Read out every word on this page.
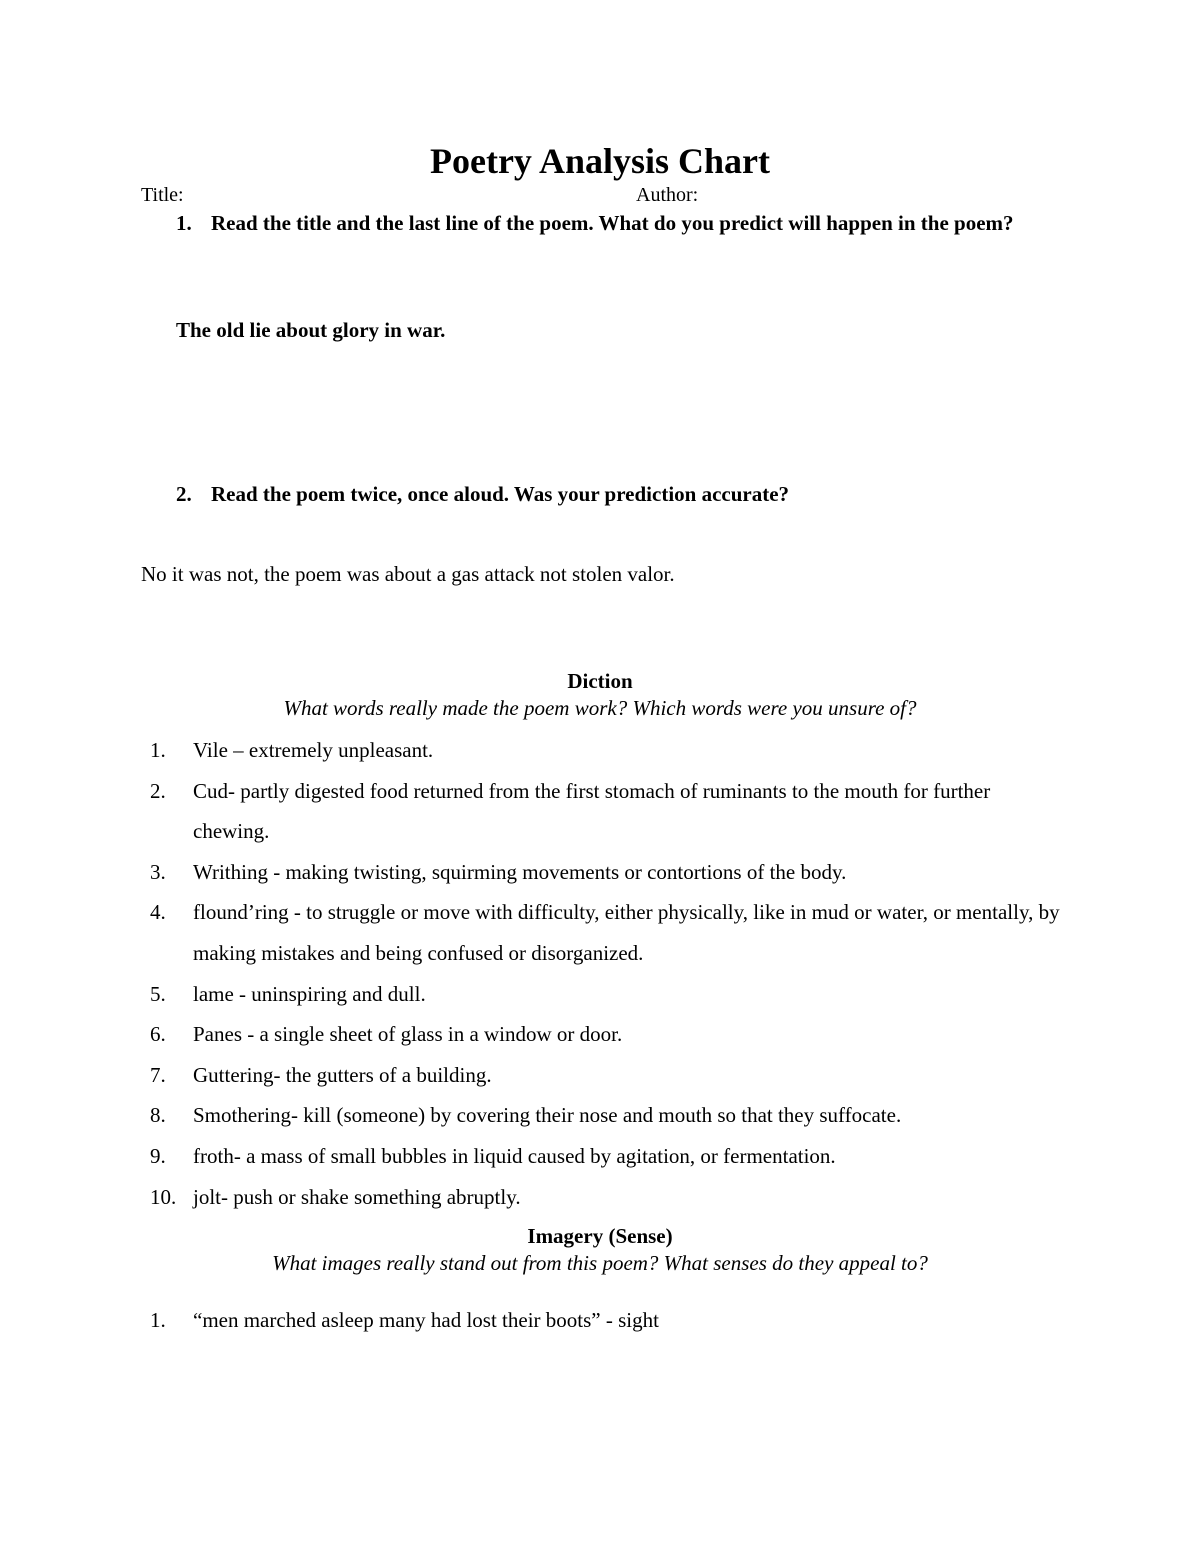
Poetry Analysis Chart
Title:	Author:
1. Read the title and the last line of the poem. What do you predict will happen in the poem?
The old lie about glory in war.
2. Read the poem twice, once aloud. Was your prediction accurate?
No it was not, the poem was about a gas attack not stolen valor.
Diction
What words really made the poem work? Which words were you unsure of?
1. Vile – extremely unpleasant.
2. Cud- partly digested food returned from the first stomach of ruminants to the mouth for further chewing.
3. Writhing - making twisting, squirming movements or contortions of the body.
4. flound’ring - to struggle or move with difficulty, either physically, like in mud or water, or mentally, by making mistakes and being confused or disorganized.
5. lame - uninspiring and dull.
6. Panes - a single sheet of glass in a window or door.
7. Guttering- the gutters of a building.
8. Smothering- kill (someone) by covering their nose and mouth so that they suffocate.
9. froth- a mass of small bubbles in liquid caused by agitation, or fermentation.
10. jolt- push or shake something abruptly.
Imagery (Sense)
What images really stand out from this poem? What senses do they appeal to?
1. “men marched asleep many had lost their boots” - sight
